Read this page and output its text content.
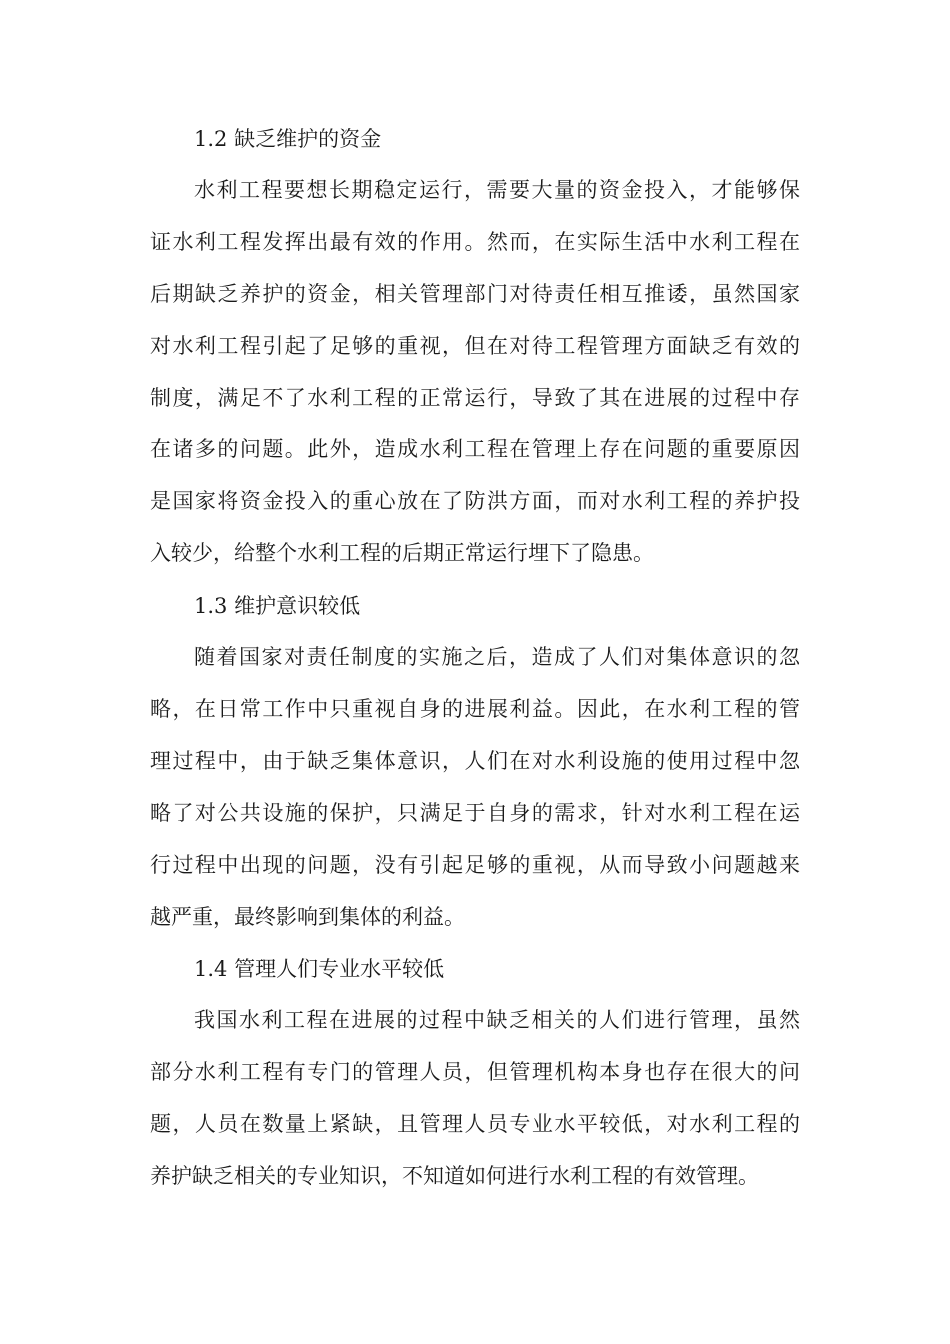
1.2 缺乏维护的资金
水利工程要想长期稳定运行，需要大量的资金投入，才能够保
证水利工程发挥出最有效的作用。然而，在实际生活中水利工程在
后期缺乏养护的资金，相关管理部门对待责任相互推诿，虽然国家
对水利工程引起了足够的重视，但在对待工程管理方面缺乏有效的
制度，满足不了水利工程的正常运行，导致了其在进展的过程中存
在诸多的问题。此外，造成水利工程在管理上存在问题的重要原因
是国家将资金投入的重心放在了防洪方面，而对水利工程的养护投
入较少，给整个水利工程的后期正常运行埋下了隐患。
1.3 维护意识较低
随着国家对责任制度的实施之后，造成了人们对集体意识的忽
略，在日常工作中只重视自身的进展利益。因此，在水利工程的管
理过程中，由于缺乏集体意识，人们在对水利设施的使用过程中忽
略了对公共设施的保护，只满足于自身的需求，针对水利工程在运
行过程中出现的问题，没有引起足够的重视，从而导致小问题越来
越严重，最终影响到集体的利益。
1.4 管理人们专业水平较低
我国水利工程在进展的过程中缺乏相关的人们进行管理，虽然
部分水利工程有专门的管理人员，但管理机构本身也存在很大的问
题，人员在数量上紧缺，且管理人员专业水平较低，对水利工程的
养护缺乏相关的专业知识，不知道如何进行水利工程的有效管理。
